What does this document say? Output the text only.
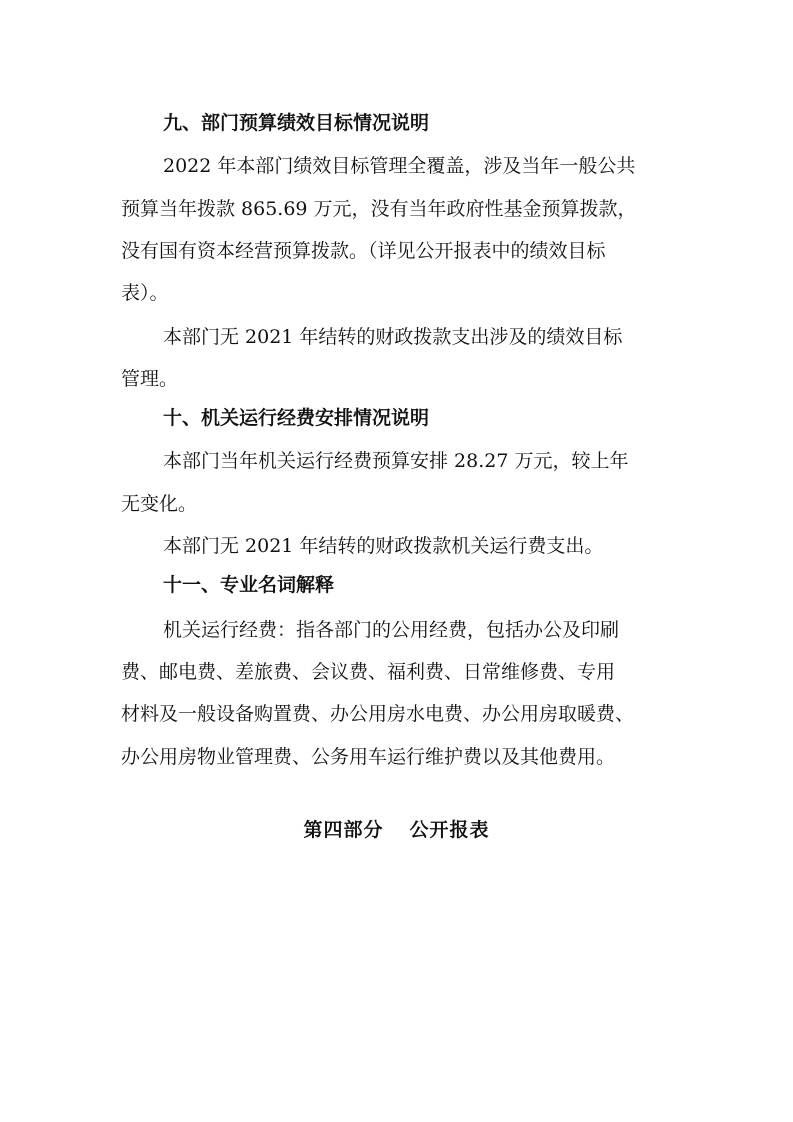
九、部门预算绩效目标情况说明
2022 年本部门绩效目标管理全覆盖，涉及当年一般公共
预算当年拨款 865.69 万元，没有当年政府性基金预算拨款，
没有国有资本经营预算拨款。（详见公开报表中的绩效目标
表）。
本部门无 2021 年结转的财政拨款支出涉及的绩效目标
管理。
十、机关运行经费安排情况说明
本部门当年机关运行经费预算安排 28.27 万元，较上年
无变化。
本部门无 2021 年结转的财政拨款机关运行费支出。
十一、专业名词解释
机关运行经费：指各部门的公用经费，包括办公及印刷
费、邮电费、差旅费、会议费、福利费、日常维修费、专用
材料及一般设备购置费、办公用房水电费、办公用房取暖费、
办公用房物业管理费、公务用车运行维护费以及其他费用。
第四部分 公开报表
